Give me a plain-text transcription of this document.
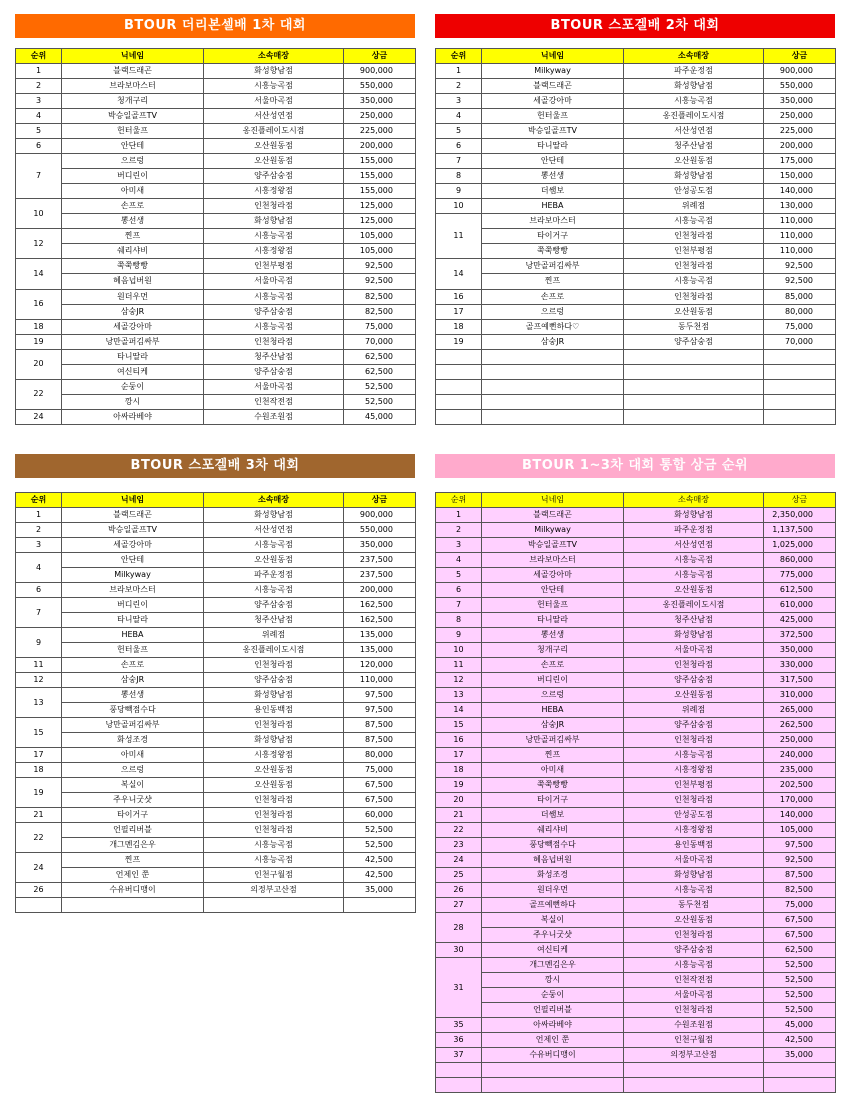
BTOUR 더리본셀배 1차 대회	BTOUR 스포겔배 2차 대회
BTOUR 스포겔배 3차 대회	BTOUR 1~3차 대회 통합 상금 순위
순위	닉네임	소속매장	상금
1	블랙드래곤	화성향남점	900,000
2	브라보마스터	시흥능곡점	550,000
3	청개구리	서울마곡점	350,000
4	박승일골프TV	서산성연점	250,000
5	헌터울프	옹진플레이도시점	225,000
6	안단테	오산원동점	200,000
7	으르렁	오산원동점	155,000
	버디린이	양주삼숭점	155,000
	아미새	시흥정왕점	155,000
10	손프로	인천청라점	125,000
	뽕선생	화성향남점	125,000
12	찐프	시흥능곡점	105,000
	쉐리샤비	시흥정왕점	105,000
14	쭉쭉빵빵	인천부평점	92,500
	혜음넙버원	서울마곡점	92,500
16	원더우먼	시흥능곡점	82,500
	삼숭JR	양주삼숭점	82,500
18	세골강아마	시흥능곡점	75,000
19	낭만골퍼김싸부	인천청라점	70,000
20	타니딸라	청주산남점	62,500
	여신티케	양주삼숭점	62,500
22	순둥이	서울마곡점	52,500
	깡시	인천작전점	52,500
24	아싸라베야	수원조원점	45,000
순위	닉네임	소속매장	상금
1	Milkyway	파주운정점	900,000
2	블랙드래곤	화성향남점	550,000
3	세골강아마	시흥능곡점	350,000
4	헌터울프	옹진플레이도시점	250,000
5	박승일골프TV	서산성연점	225,000
6	타니딸라	청주산남점	200,000
7	안단테	오산원동점	175,000
8	뽕선생	화성향남점	150,000
9	더쌤보	안성공도점	140,000
10	HEBA	위례점	130,000
11	브라보마스터	시흥능곡점	110,000
	타이거구	인천청라점	110,000
	쭉쭉빵빵	인천부평점	110,000
14	낭만골퍼김싸부	인천청라점	92,500
	찐프	시흥능곡점	92,500
16	손프로	인천청라점	85,000
17	으르렁	오산원동점	80,000
18	골프예뻔하다♡	동두천점	75,000
19	삼숭JR	양주삼숭점	70,000

순위	닉네임	소속매장	상금
1	블랙드래곤	화성향남점	900,000
2	박승일골프TV	서산성연점	550,000
3	세골강아마	시흥능곡점	350,000
4	안단테	오산원동점	237,500
	Milkyway	파주운정점	237,500
6	브라보마스터	시흥능곡점	200,000
7	버디린이	양주삼숭점	162,500
	타니딸라	청주산남점	162,500
9	HEBA	위례점	135,000
	헌터울프	옹진플레이도시점	135,000
11	손프로	인천청라점	120,000
12	삼숭JR	양주삼숭점	110,000
13	뽕선생	화성향남점	97,500
	풍당빽점수다	용인동백점	97,500
15	낭만골퍼김싸부	인천청라점	87,500
	화성조경	화성향남점	87,500
17	아미새	시흥정왕점	80,000
18	으르렁	오산원동점	75,000
19	복실이	오산원동점	67,500
	주우니굿샷	인천청라점	67,500
21	타이거구	인천청라점	60,000
22	언필리버블	인천청라점	52,500
	개그멘김은우	시흥능곡점	52,500
24	찐프	시흥능곡점	42,500
	언제인 쭌	인천구월점	42,500
26	수유버디맹이	의정부고산점	35,000

순위	닉네임	소속매장	상금
1	블랙드래곤	화성향남점	2,350,000
2	Milkyway	파주운정점	1,137,500
3	박승일골프TV	서산성연점	1,025,000
4	브라보마스터	시흥능곡점	860,000
5	세골강아마	시흥능곡점	775,000
6	안단테	오산원동점	612,500
7	헌터울프	옹진플레이도시점	610,000
8	타니딸라	청주산남점	425,000
9	뽕선생	화성향남점	372,500
10	청개구리	서울마곡점	350,000
11	손프로	인천청라점	330,000
12	버디린이	양주삼숭점	317,500
13	으르렁	오산원동점	310,000
14	HEBA	위례점	265,000
15	삼숭JR	양주삼숭점	262,500
16	낭만골퍼김싸부	인천청라점	250,000
17	찐프	시흥능곡점	240,000
18	아미새	시흥정왕점	235,000
19	쭉쭉빵빵	인천부평점	202,500
20	타이거구	인천청라점	170,000
21	더쌤보	안성공도점	140,000
22	쉐리샤비	시흥정왕점	105,000
23	풍당빽점수다	용인동백점	97,500
24	혜음넙버원	서울마곡점	92,500
25	화성조경	화성향남점	87,500
26	원더우먼	시흥능곡점	82,500
27	골프예뻔하다	동두천점	75,000
28	복실이	오산원동점	67,500
	주우니굿샷	인천청라점	67,500
30	여신티케	양주삼숭점	62,500
31	개그멘김은우	시흥능곡점	52,500
	깡시	인천작전점	52,500
	순둥이	서울마곡점	52,500
	언필리버블	인천청라점	52,500
35	아싸라베야	수원조원점	45,000
36	언제인 쭌	인천구월점	42,500
37	수유버디맹이	의정부고산점	35,000
